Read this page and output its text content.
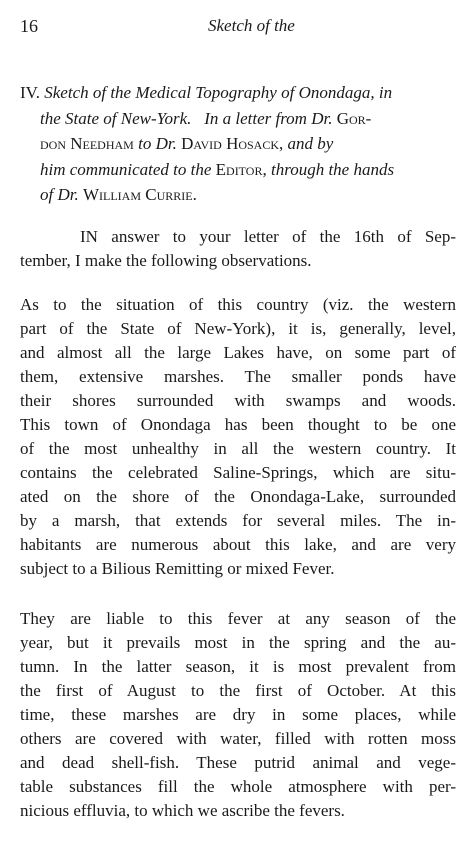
16	Sketch of the
IV. Sketch of the Medical Topography of Onondaga, in
the State of New-York. In a letter from Dr. Gor-
don Needham to Dr. David Hosack, and by
him communicated to the Editor, through the hands
of Dr. William Currie.
IN answer to your letter of the 16th of Sep-
tember, I make the following observations.
As to the situation of this country (viz. the western
part of the State of New-York), it is, generally, level,
and almost all the large Lakes have, on some part of
them, extensive marshes. The smaller ponds have
their shores surrounded with swamps and woods.
This town of Onondaga has been thought to be one
of the most unhealthy in all the western country. It
contains the celebrated Saline-Springs, which are situ-
ated on the shore of the Onondaga-Lake, surrounded
by a marsh, that extends for several miles. The in-
habitants are numerous about this lake, and are very
subject to a Bilious Remitting or mixed Fever.
They are liable to this fever at any season of the
year, but it prevails most in the spring and the au-
tumn. In the latter season, it is most prevalent from
the first of August to the first of October. At this
time, these marshes are dry in some places, while
others are covered with water, filled with rotten moss
and dead shell-fish. These putrid animal and vege-
table substances fill the whole atmosphere with per-
nicious effluvia, to which we ascribe the fevers.
